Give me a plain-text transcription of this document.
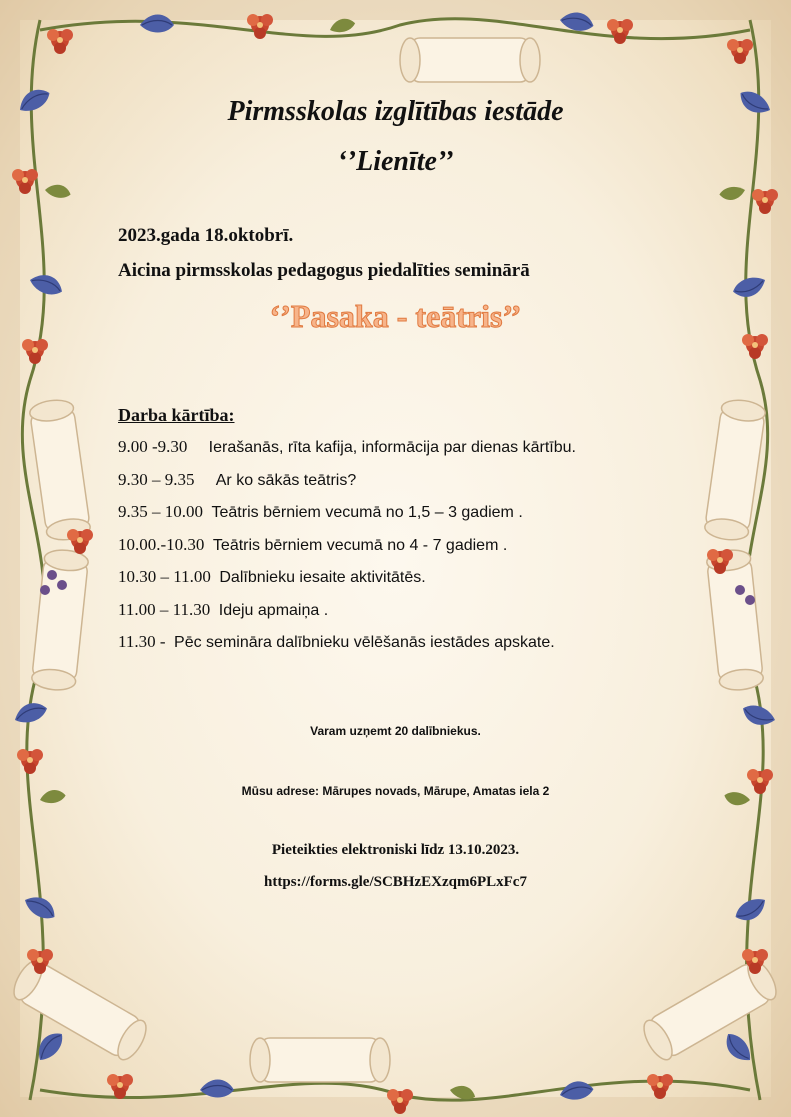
Pirmsskolas izglītības iestāde
‘’Lienīte’’
2023.gada 18.oktobrī.
Aicina pirmsskolas pedagogus piedalīties seminārā
‘’Pasaka - teātris’’
Darba kārtība:
9.00 -9.30     Ierašanās, rīta kafija, informācija par dienas kārtību.
9.30 – 9.35     Ar ko sākās teātris?
9.35 – 10.00  Teātris bērniem vecumā no 1,5 – 3 gadiem .
10.00.-10.30  Teātris bērniem vecumā no 4 - 7 gadiem .
10.30 – 11.00  Dalībnieku iesaite aktivitātēs.
11.00 – 11.30  Ideju apmaiņa .
11.30 -  Pēc semināra dalībnieku vēlēšanās iestādes apskate.
Varam uzņemt 20 dalībniekus.
Mūsu adrese: Mārupes novads, Mārupe, Amatas iela 2
Pieteikties elektroniski līdz 13.10.2023.
https://forms.gle/SCBHzEXzqm6PLxFc7
